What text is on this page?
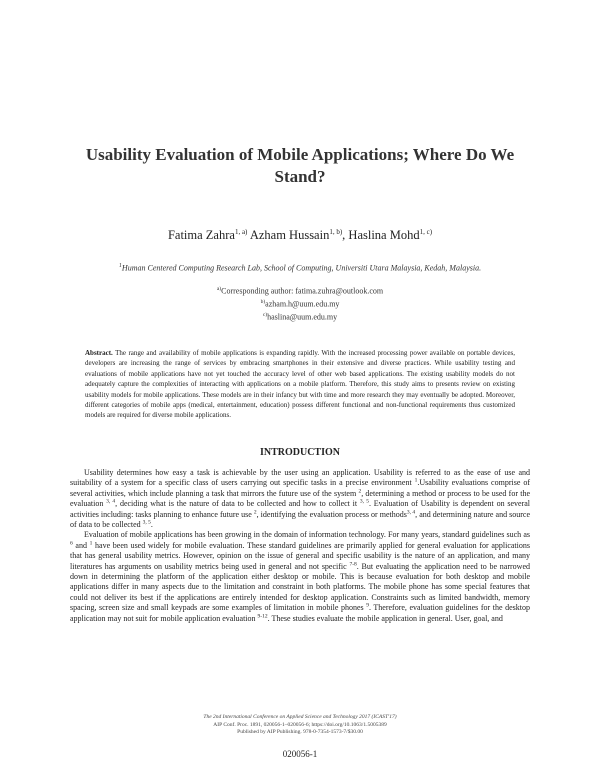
Usability Evaluation of Mobile Applications; Where Do We Stand?
Fatima Zahra$^{1, a)}$ Azham Hussain$^{1, b)}$, Haslina Mohd$^{1, c)}$
$^1$Human Centered Computing Research Lab, School of Computing, Universiti Utara Malaysia, Kedah, Malaysia.
$^{a)}$Corresponding author: fatima.zuhra@outlook.com
$^{b)}$azham.h@uum.edu.my
$^{c)}$haslina@uum.edu.my
Abstract. The range and availability of mobile applications is expanding rapidly. With the increased processing power available on portable devices, developers are increasing the range of services by embracing smartphones in their extensive and diverse practices. While usability testing and evaluations of mobile applications have not yet touched the accuracy level of other web based applications. The existing usability models do not adequately capture the complexities of interacting with applications on a mobile platform. Therefore, this study aims to presents review on existing usability models for mobile applications. These models are in their infancy but with time and more research they may eventually be adopted. Moreover, different categories of mobile apps (medical, entertainment, education) possess different functional and non-functional requirements thus customized models are required for diverse mobile applications.
INTRODUCTION

Usability determines how easy a task is achievable by the user using an application. Usability is referred to as the ease of use and suitability of a system for a specific class of users carrying out specific tasks in a precise environment $^1$.Usability evaluations comprise of several activities, which include planning a task that mirrors the future use of the system $^2$, determining a method or process to be used for the evaluation $^{3, 4}$, deciding what is the nature of data to be collected and how to collect it $^{3, 5}$. Evaluation of Usability is dependent on several activities including: tasks planning to enhance future use $^2$, identifying the evaluation process or methods$^{3, 4}$, and determining nature and source of data to be collected $^{3, 5}$.

Evaluation of mobile applications has been growing in the domain of information technology. For many years, standard guidelines such as $^6$ and $^1$ have been used widely for mobile evaluation. These standard guidelines are primarily applied for general evaluation for applications that has general usability metrics. However, opinion on the issue of general and specific usability is the nature of an application, and many literatures has arguments on usability metrics being used in general and not specific $^{7-8}$. But evaluating the application need to be narrowed down in determining the platform of the application either desktop or mobile. This is because evaluation for both desktop and mobile applications differ in many aspects due to the limitation and constraint in both platforms. The mobile phone has some special features that could not deliver its best if the applications are entirely intended for desktop application. Constraints such as limited bandwidth, memory spacing, screen size and small keypads are some examples of limitation in mobile phones $^9$. Therefore, evaluation guidelines for the desktop application may not suit for mobile application evaluation $^{9-12}$. These studies evaluate the mobile application in general. User, goal, and

The 2nd International Conference on Applied Science and Technology 2017 (ICAST'17)
AIP Conf. Proc. 1891, 020056-1–020056-6; https://doi.org/10.1063/1.5005389
Published by AIP Publishing. 978-0-7354-1573-7/$30.00
020056-1
